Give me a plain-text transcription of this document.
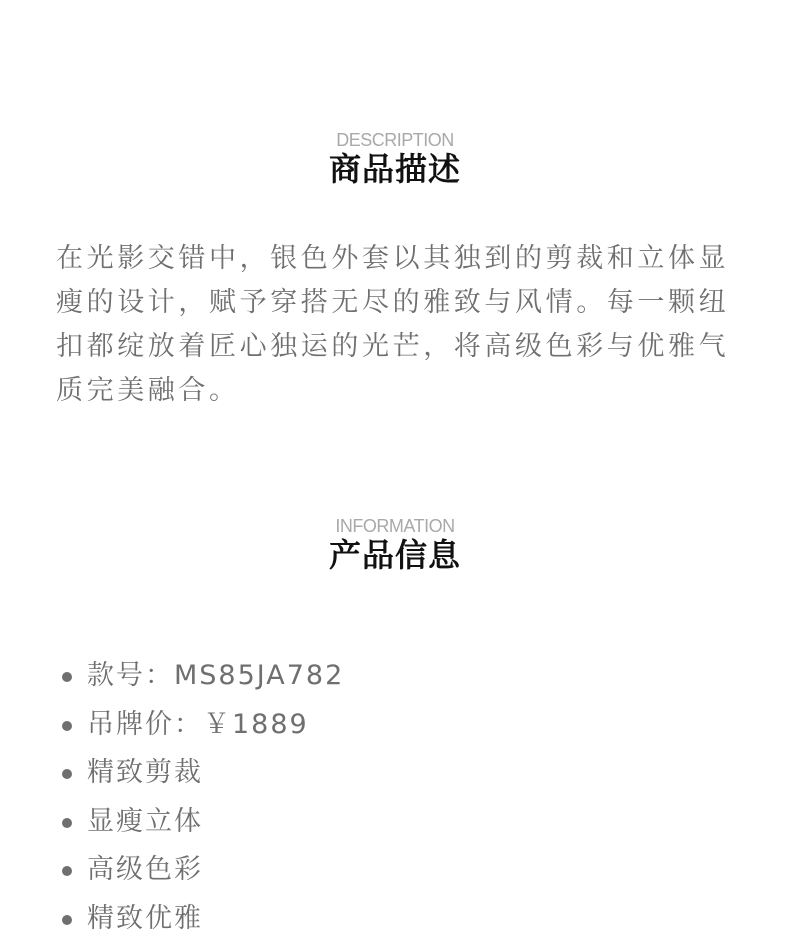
DESCRIPTION
商品描述

在光影交错中，银色外套以其独到的剪裁和立体显瘦的设计，赋予穿搭无尽的雅致与风情。每一颗纽扣都绽放着匠心独运的光芒，将高级色彩与优雅气质完美融合。

INFORMATION
产品信息
款号：MS85JA782
吊牌价：￥1889
精致剪裁
显瘦立体
高级色彩
精致优雅
